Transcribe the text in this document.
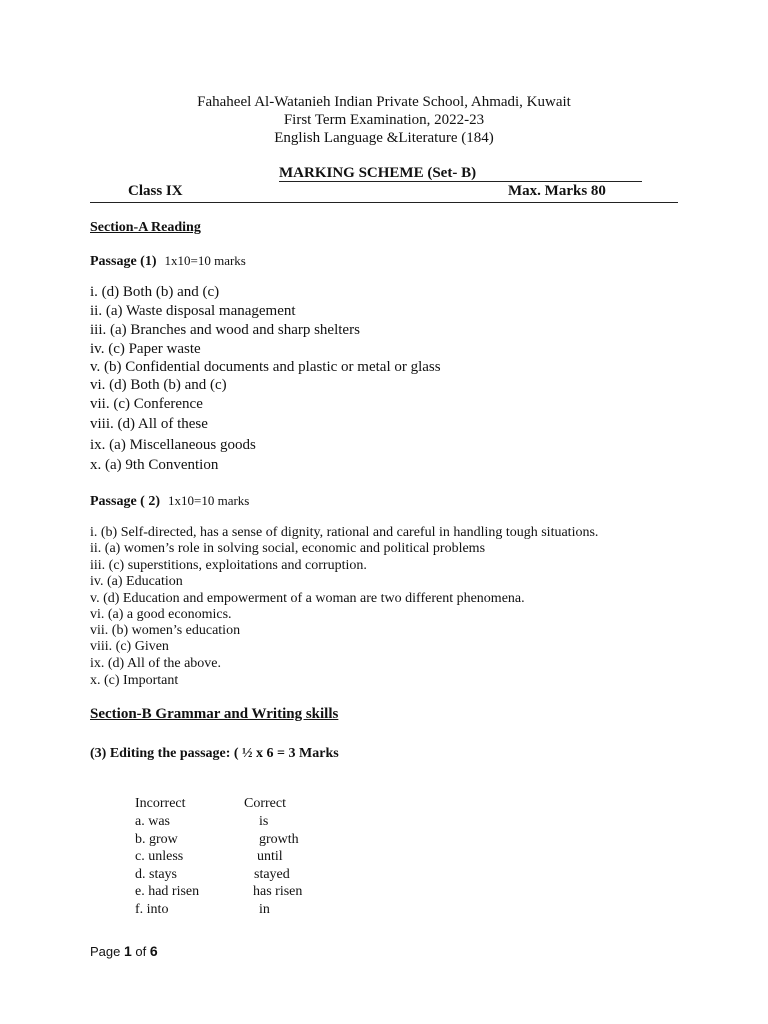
Fahaheel Al-Watanieh Indian Private School, Ahmadi, Kuwait
First Term Examination, 2022-23
English Language &Literature (184)
MARKING SCHEME (Set- B)
Class IX	Max. Marks 80
Section-A Reading
Passage (1) 1x10=10 marks
i. (d) Both (b) and (c)
ii. (a) Waste disposal management
iii. (a) Branches and wood and sharp shelters
iv. (c) Paper waste
v. (b) Confidential documents and plastic or metal or glass
vi. (d) Both (b) and (c)
vii. (c) Conference
viii. (d) All of these
ix. (a) Miscellaneous goods
x. (a) 9th Convention
Passage ( 2) 1x10=10 marks
i. (b) Self-directed, has a sense of dignity, rational and careful in handling tough situations.
ii. (a) women’s role in solving social, economic and political problems
iii. (c) superstitions, exploitations and corruption.
iv. (a) Education
v. (d) Education and empowerment of a woman are two different phenomena.
vi. (a) a good economics.
vii. (b) women’s education
viii. (c) Given
ix. (d) All of the above.
x. (c) Important
Section-B Grammar and Writing skills
(3) Editing the passage: ( ½ x 6 = 3 Marks
Incorrect	Correct
a. was	is
b. grow	growth
c. unless	until
d. stays	stayed
e. had risen	has risen
f. into	in
Page 1 of 6
